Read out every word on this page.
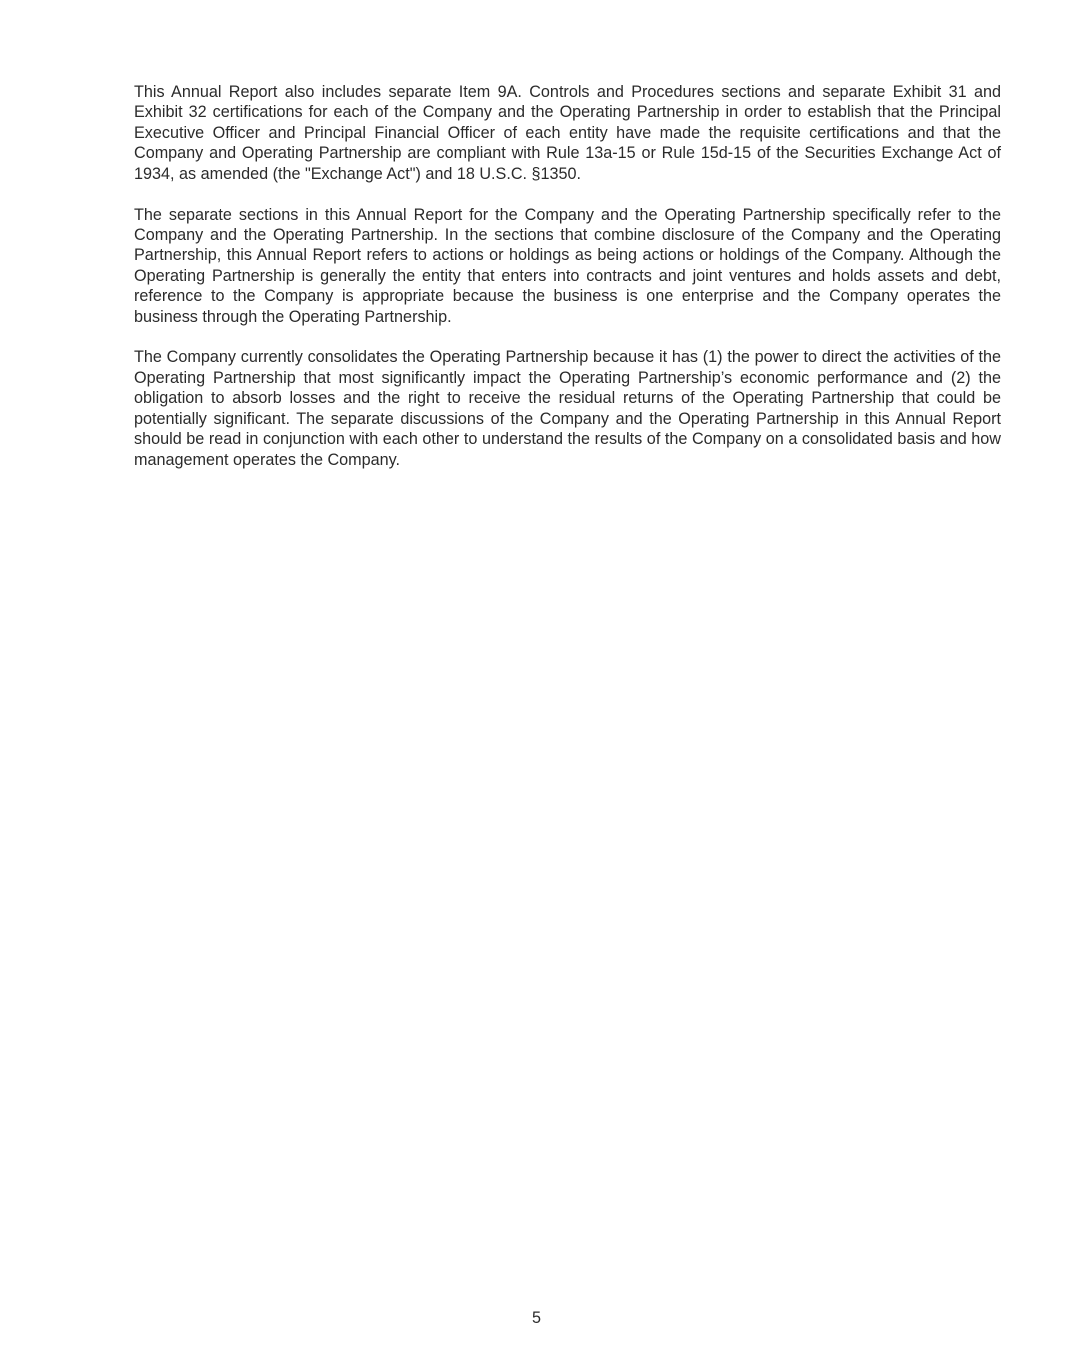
This Annual Report also includes separate Item 9A. Controls and Procedures sections and separate Exhibit 31 and Exhibit 32 certifications for each of the Company and the Operating Partnership in order to establish that the Principal Executive Officer and Principal Financial Officer of each entity have made the requisite certifications and that the Company and Operating Partnership are compliant with Rule 13a-15 or Rule 15d-15 of the Securities Exchange Act of 1934, as amended (the "Exchange Act") and 18 U.S.C. §1350.

The separate sections in this Annual Report for the Company and the Operating Partnership specifically refer to the Company and the Operating Partnership. In the sections that combine disclosure of the Company and the Operating Partnership, this Annual Report refers to actions or holdings as being actions or holdings of the Company. Although the Operating Partnership is generally the entity that enters into contracts and joint ventures and holds assets and debt, reference to the Company is appropriate because the business is one enterprise and the Company operates the business through the Operating Partnership.

The Company currently consolidates the Operating Partnership because it has (1) the power to direct the activities of the Operating Partnership that most significantly impact the Operating Partnership’s economic performance and (2) the obligation to absorb losses and the right to receive the residual returns of the Operating Partnership that could be potentially significant. The separate discussions of the Company and the Operating Partnership in this Annual Report should be read in conjunction with each other to understand the results of the Company on a consolidated basis and how management operates the Company.

5
